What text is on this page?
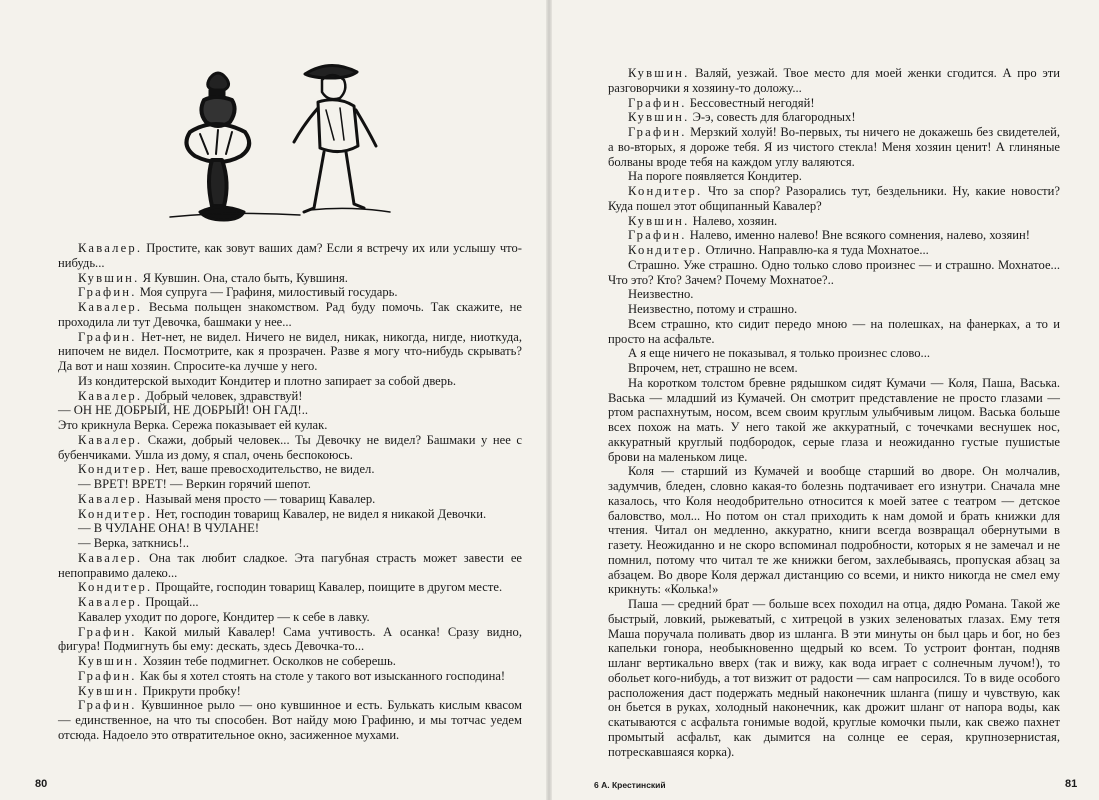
Кавалер. Простите, как зовут ваших дам? Если я встречу их или услышу что-нибудь...

Кувшин. Я Кувшин. Она, стало быть, Кувшиня.

Графин. Моя супруга — Графиня, милостивый государь.

Кавалер. Весьма польщен знакомством. Рад буду помочь. Так скажите, не проходила ли тут Девочка, башмаки у нее...

Графин. Нет-нет, не видел. Ничего не видел, никак, никогда, нигде, ниоткуда, нипочем не видел. Посмотрите, как я прозрачен. Разве я могу что-нибудь скрывать? Да вот и наш хозяин. Спросите-ка лучше у него.

Из кондитерской выходит Кондитер и плотно запирает за собой дверь.

Кавалер. Добрый человек, здравствуй!

— ОН НЕ ДОБРЫЙ, НЕ ДОБРЫЙ! ОН ГАД!..

Это крикнула Верка. Сережа показывает ей кулак.

Кавалер. Скажи, добрый человек... Ты Девочку не видел? Башмаки у нее с бубенчиками. Ушла из дому, я спал, очень беспокоюсь.

Кондитер. Нет, ваше превосходительство, не видел.

— ВРЕТ! ВРЕТ! — Веркин горячий шепот.

Кавалер. Называй меня просто — товарищ Кавалер.

Кондитер. Нет, господин товарищ Кавалер, не видел я никакой Девочки.

— В ЧУЛАНЕ ОНА! В ЧУЛАНЕ!

— Верка, заткнись!..

Кавалер. Она так любит сладкое. Эта пагубная страсть может завести ее непоправимо далеко...

Кондитер. Прощайте, господин товарищ Кавалер, поищите в другом месте.

Кавалер. Прощай...

Кавалер уходит по дороге, Кондитер — к себе в лавку.

Графин. Какой милый Кавалер! Сама учтивость. А осанка! Сразу видно, фигура! Подмигнуть бы ему: дескать, здесь Девочка-то...

Кувшин. Хозяин тебе подмигнет. Осколков не соберешь.

Графин. Как бы я хотел стоять на столе у такого вот изысканного господина!

Кувшин. Прикрути пробку!

Графин. Кувшинное рыло — оно кувшинное и есть. Булькать кислым квасом — единственное, на что ты способен. Вот найду мою Графиню, и мы тотчас уедем отсюда. Надоело это отвратительное окно, засиженное мухами.

80

Кувшин. Валяй, уезжай. Твое место для моей женки сгодится. А про эти разговорчики я хозяину-то доложу...

Графин. Бессовестный негодяй!

Кувшин. Э-э, совесть для благородных!

Графин. Мерзкий холуй! Во-первых, ты ничего не докажешь без свидетелей, а во-вторых, я дороже тебя. Я из чистого стекла! Меня хозяин ценит! А глиняные болваны вроде тебя на каждом углу валяются.

На пороге появляется Кондитер.

Кондитер. Что за спор? Разорались тут, бездельники. Ну, какие новости? Куда пошел этот общипанный Кавалер?

Кувшин. Налево, хозяин.

Графин. Налево, именно налево! Вне всякого сомнения, налево, хозяин!

Кондитер. Отлично. Направлю-ка я туда Мохнатое...

Страшно. Уже страшно. Одно только слово произнес — и страшно. Мохнатое... Что это? Кто? Зачем? Почему Мохнатое?..

Неизвестно.

Неизвестно, потому и страшно.

Всем страшно, кто сидит передо мною — на полешках, на фанерках, а то и просто на асфальте.

А я еще ничего не показывал, я только произнес слово...

Впрочем, нет, страшно не всем.

На коротком толстом бревне рядышком сидят Кумачи — Коля, Паша, Васька. Васька — младший из Кумачей. Он смотрит представление не просто глазами — ртом распахнутым, носом, всем своим круглым улыбчивым лицом. Васька больше всех похож на мать. У него такой же аккуратный, с точечками веснушек нос, аккуратный круглый подбородок, серые глаза и неожиданно густые пушистые брови на маленьком лице.

Коля — старший из Кумачей и вообще старший во дворе. Он молчалив, задумчив, бледен, словно какая-то болезнь подтачивает его изнутри. Сначала мне казалось, что Коля неодобрительно относится к моей затее с театром — детское баловство, мол... Но потом он стал приходить к нам домой и брать книжки для чтения. Читал он медленно, аккуратно, книги всегда возвращал обернутыми в газету. Неожиданно и не скоро вспоминал подробности, которых я не замечал и не помнил, потому что читал те же книжки бегом, захлебываясь, пропуская абзац за абзацем. Во дворе Коля держал дистанцию со всеми, и никто никогда не смел ему крикнуть: «Колька!»

Паша — средний брат — больше всех походил на отца, дядю Романа. Такой же быстрый, ловкий, рыжеватый, с хитрецой в узких зеленоватых глазах. Ему тетя Маша поручала поливать двор из шланга. В эти минуты он был царь и бог, но без капельки гонора, необыкновенно щедрый ко всем. То устроит фонтан, подняв шланг вертикально вверх (так и вижу, как вода играет с солнечным лучом!), то обольет кого-нибудь, а тот визжит от радости — сам напросился. То в виде особого расположения даст подержать медный наконечник шланга (пишу и чувствую, как он бьется в руках, холодный наконечник, как дрожит шланг от напора воды, как скатываются с асфальта гонимые водой, круглые комочки пыли, как свежо пахнет промытый асфальт, как дымится на солнце ее серая, крупнозернистая, потрескавшаяся корка).

6 А. Крестинский	81
